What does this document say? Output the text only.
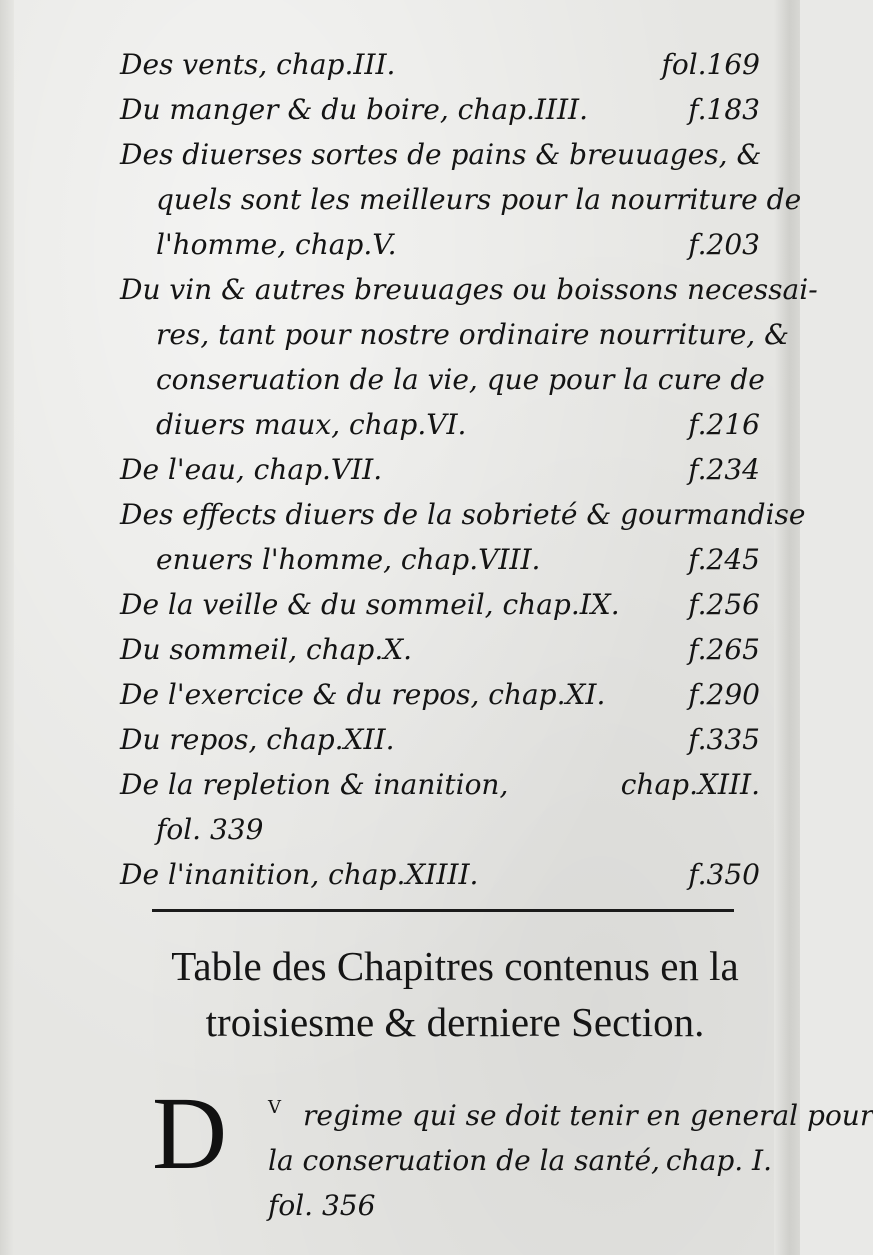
Des vents, chap.III.	fol.169
Du manger & du boire, chap.IIII.	f.183
Des diuerses sortes de pains & breuuages, &
quels sont les meilleurs pour la nourriture de
l'homme, chap.V.	f.203
Du vin & autres breuuages ou boissons necessai-
res, tant pour nostre ordinaire nourriture, &
conseruation de la vie, que pour la cure de
diuers maux, chap.VI.	f.216
De l'eau, chap.VII.	f.234
Des effects diuers de la sobrieté & gourmandise
enuers l'homme, chap.VIII.	f.245
De la veille & du sommeil, chap.IX. f.256
Du sommeil, chap.X.	f.265
De l'exercice & du repos, chap.XI.	f.290
Du repos, chap.XII.	f.335
De la repletion & inanition,	chap.XIII.
fol. 339
De l'inanition, chap.XIIII.	f.350
Table des Chapitres contenus en la
troisiesme & derniere Section.
D $^V$ regime qui se doit tenir en general pour
la conseruation de la santé, chap. I.
fol. 356
